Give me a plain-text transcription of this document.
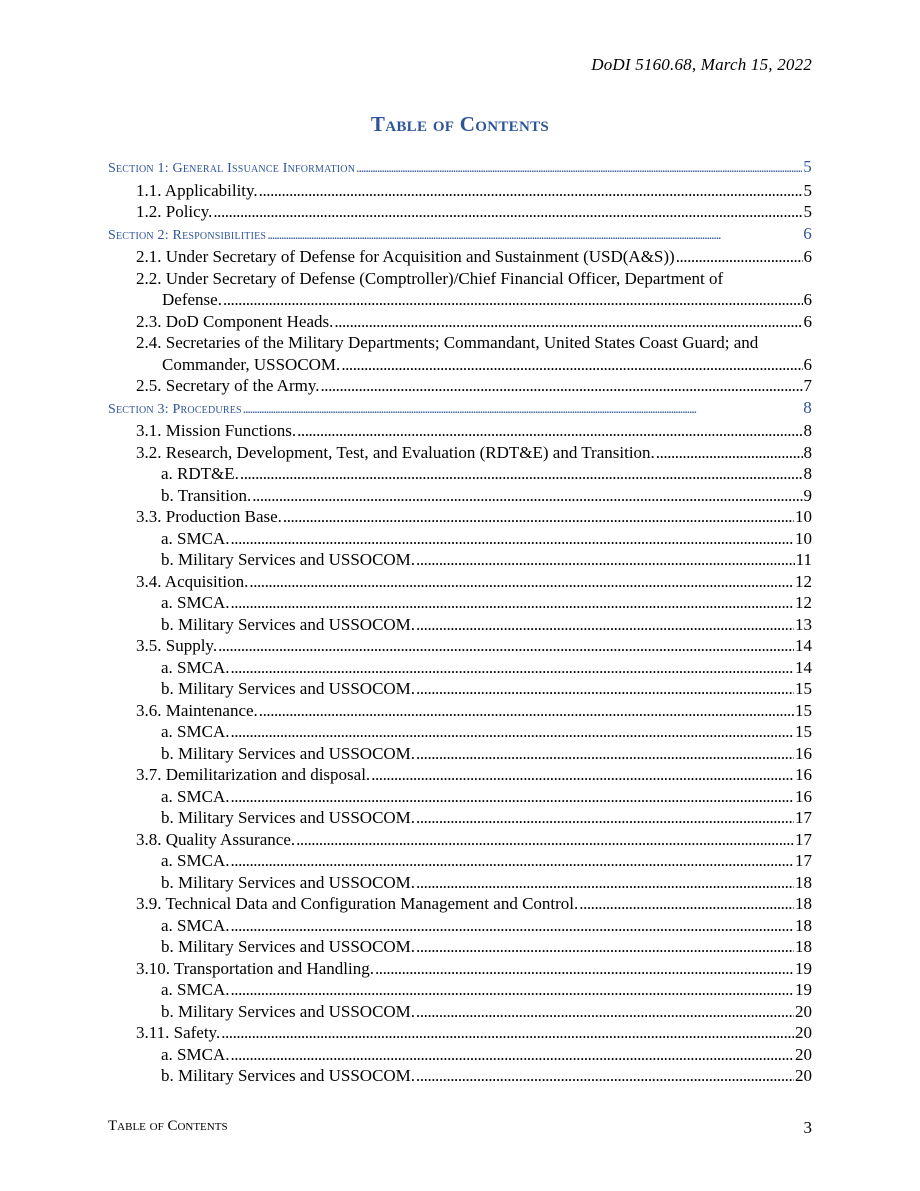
DoDI 5160.68, March 15, 2022
Table of Contents
Section 1: General Issuance Information . . .	5
1.1. Applicability. . . .	5
1.2. Policy. . . .	5
Section 2: Responsibilities . . .	6
2.1. Under Secretary of Defense for Acquisition and Sustainment (USD(A&S)) . . .	6
2.2. Under Secretary of Defense (Comptroller)/Chief Financial Officer, Department of
Defense. . . .	6
2.3. DoD Component Heads. . . .	6
2.4. Secretaries of the Military Departments; Commandant, United States Coast Guard; and
Commander, USSOCOM. . . .	6
2.5. Secretary of the Army. . . .	7
Section 3: Procedures . . .	8
3.1. Mission Functions. . . .	8
3.2. Research, Development, Test, and Evaluation (RDT&E) and Transition. . . .	8
a. RDT&E. . . .	8
b. Transition. . . .	9
3.3. Production Base. . . .	10
a. SMCA. . . .	10
b. Military Services and USSOCOM. . . .	11
3.4. Acquisition. . . .	12
a. SMCA. . . .	12
b. Military Services and USSOCOM. . . .	13
3.5. Supply. . . .	14
a. SMCA. . . .	14
b. Military Services and USSOCOM. . . .	15
3.6. Maintenance. . . .	15
a. SMCA. . . .	15
b. Military Services and USSOCOM. . . .	16
3.7. Demilitarization and disposal. . . .	16
a. SMCA. . . .	16
b. Military Services and USSOCOM. . . .	17
3.8. Quality Assurance. . . .	17
a. SMCA. . . .	17
b. Military Services and USSOCOM. . . .	18
3.9. Technical Data and Configuration Management and Control. . . .	18
a. SMCA. . . .	18
b. Military Services and USSOCOM. . . .	18
3.10. Transportation and Handling. . . .	19
a. SMCA. . . .	19
b. Military Services and USSOCOM. . . .	20
3.11. Safety. . . .	20
a. SMCA. . . .	20
b. Military Services and USSOCOM. . . .	20
Table of Contents	3
